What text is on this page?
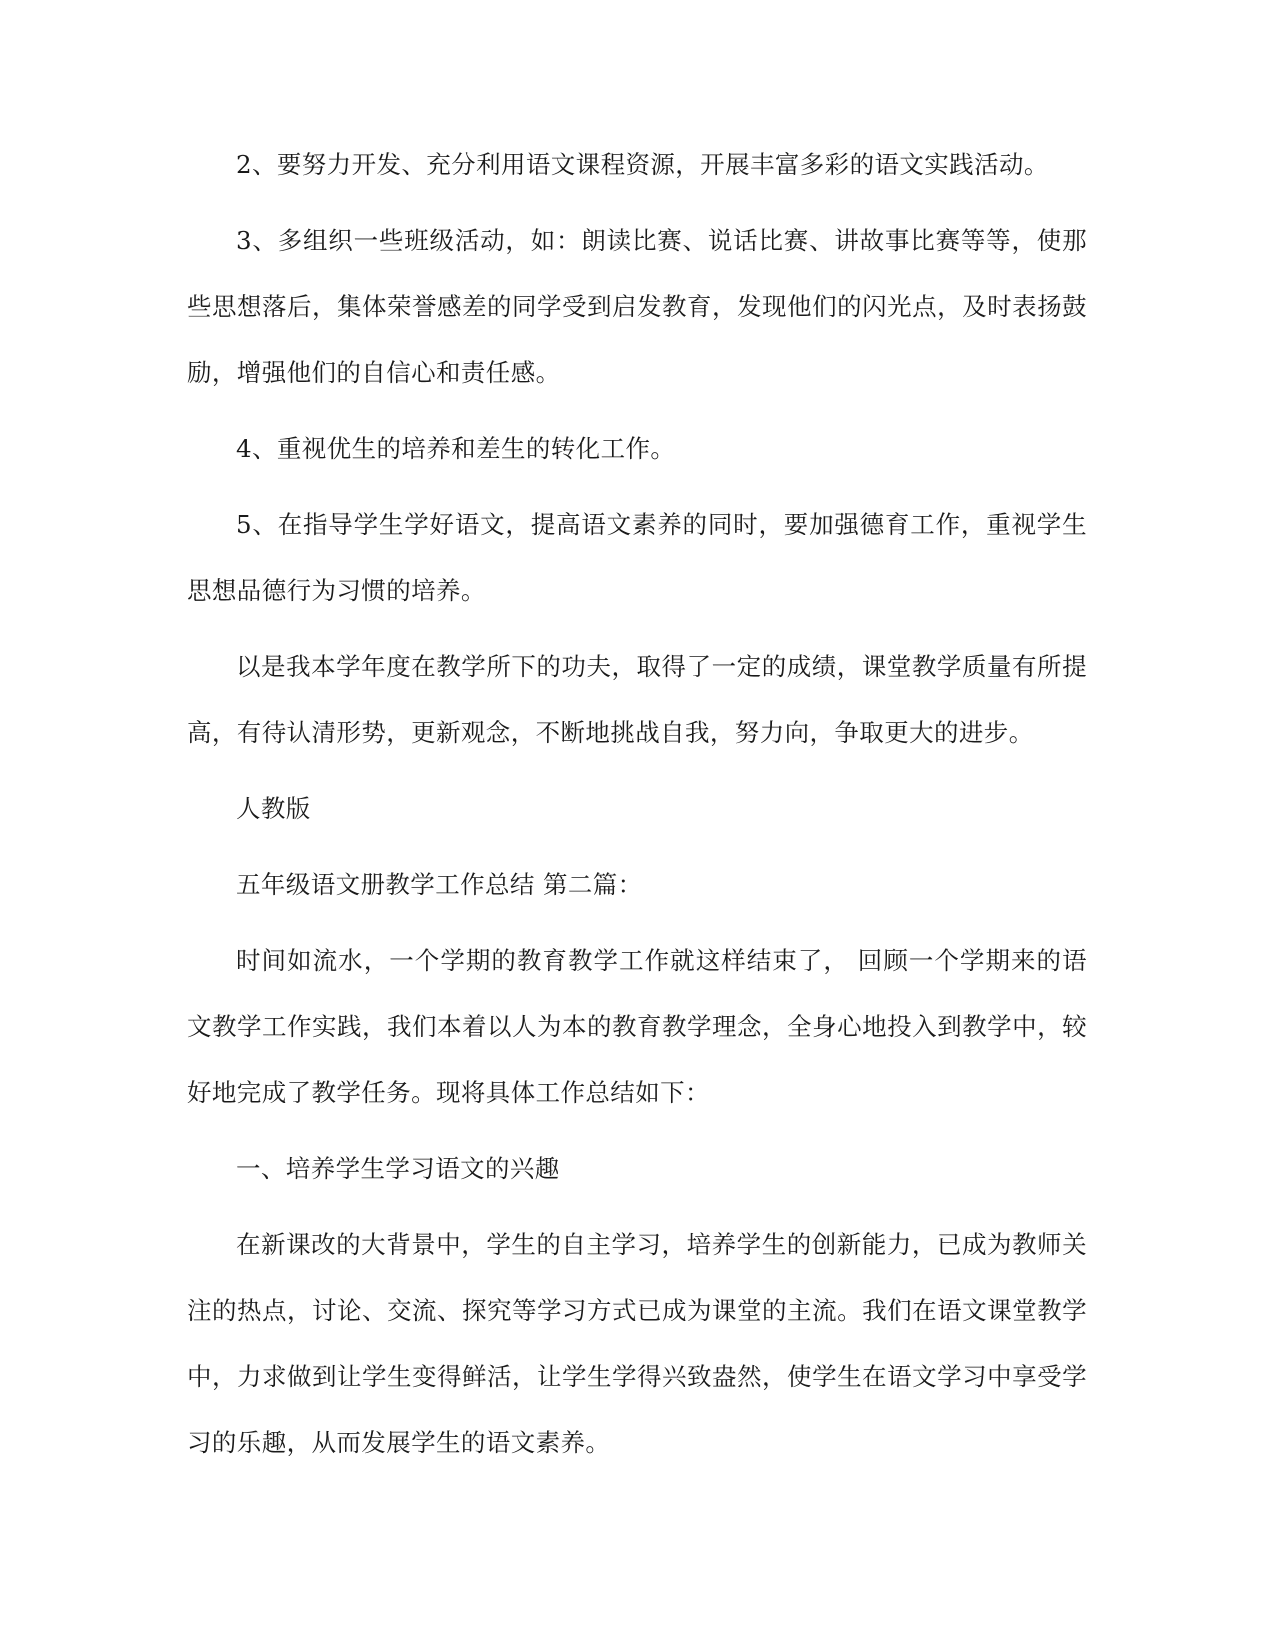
2、要努力开发、充分利用语文课程资源，开展丰富多彩的语文实践活动。

3、多组织一些班级活动，如：朗读比赛、说话比赛、讲故事比赛等等，使那些思想落后，集体荣誉感差的同学受到启发教育，发现他们的闪光点，及时表扬鼓励，增强他们的自信心和责任感。

4、重视优生的培养和差生的转化工作。

5、在指导学生学好语文，提高语文素养的同时，要加强德育工作，重视学生思想品德行为习惯的培养。

以是我本学年度在教学所下的功夫，取得了一定的成绩，课堂教学质量有所提高，有待认清形势，更新观念，不断地挑战自我，努力向，争取更大的进步。

人教版

五年级语文册教学工作总结 第二篇：

时间如流水，一个学期的教育教学工作就这样结束了， 回顾一个学期来的语文教学工作实践，我们本着以人为本的教育教学理念，全身心地投入到教学中，较好地完成了教学任务。现将具体工作总结如下：

一、培养学生学习语文的兴趣

在新课改的大背景中，学生的自主学习，培养学生的创新能力，已成为教师关注的热点，讨论、交流、探究等学习方式已成为课堂的主流。我们在语文课堂教学中，力求做到让学生变得鲜活，让学生学得兴致盎然，使学生在语文学习中享受学习的乐趣，从而发展学生的语文素养。
